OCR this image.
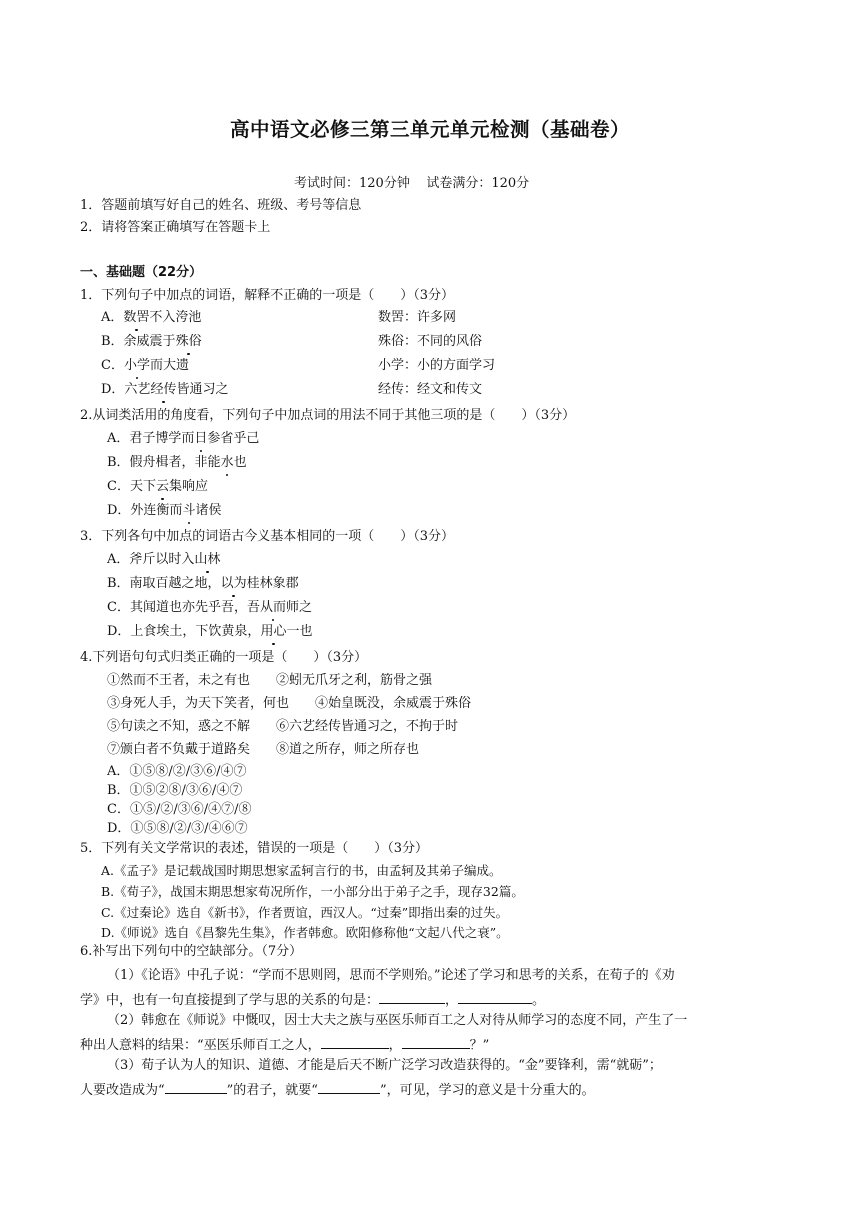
高中语文必修三第三单元单元检测（基础卷）
考试时间：120分钟    试卷满分：120分
1．答题前填写好自己的姓名、班级、考号等信息
2．请将答案正确填写在答题卡上
一、基础题（22分）
1．下列句子中加点的词语，解释不正确的一项是（　　）（3分）
A．数罟不入洿池	数罟：许多网
B．余威震于殊俗	殊俗：不同的风俗
C．小学而大遗	小学：小的方面学习
D．六艺经传皆通习之	经传：经文和传文
2.从词类活用的角度看，下列句子中加点词的用法不同于其他三项的是（　　）（3分）
A．君子博学而日参省乎己
B．假舟楫者，非能水也
C．天下云集响应
D．外连衡而斗诸侯
3．下列各句中加点的词语古今义基本相同的一项（　　）（3分）
A．斧斤以时入山林
B．南取百越之地，以为桂林象郡
C．其闻道也亦先乎吾，吾从而师之
D．上食埃土，下饮黄泉，用心一也
4.下列语句句式归类正确的一项是（　　）（3分）
①然而不王者，未之有也　　②蚓无爪牙之利，筋骨之强
③身死人手，为天下笑者，何也　　④始皇既没，余威震于殊俗
⑤句读之不知，惑之不解　　⑥六艺经传皆通习之，不拘于时
⑦颁白者不负戴于道路矣　　⑧道之所存，师之所存也
A．①⑤⑧/②/③⑥/④⑦
B．①⑤②⑧/③⑥/④⑦
C．①⑤/②/③⑥/④⑦/⑧
D．①⑤⑧/②/③/④⑥⑦
5．下列有关文学常识的表述，错误的一项是（　　）（3分）
A.《孟子》是记载战国时期思想家孟轲言行的书，由孟轲及其弟子编成。
B.《荀子》，战国末期思想家荀况所作，一小部分出于弟子之手，现存32篇。
C.《过秦论》选自《新书》，作者贾谊，西汉人。“过秦”即指出秦的过失。
D.《师说》选自《昌黎先生集》，作者韩愈。欧阳修称他“文起八代之衰”。
6.补写出下列句中的空缺部分。（7分）
（1）《论语》中孔子说：“学而不思则罔，思而不学则殆。”论述了学习和思考的关系，在荀子的《劝
学》中，也有一句直接提到了学与思的关系的句是：	，	。
（2）韩愈在《师说》中慨叹，因士大夫之族与巫医乐师百工之人对待从师学习的态度不同，产生了一
种出人意料的结果：“巫医乐师百工之人，	，	？”
（3）荀子认为人的知识、道德、才能是后天不断广泛学习改造获得的。“金”要锋利，需“就砺”；
人要改造成为“	”的君子，就要“	”，可见，学习的意义是十分重大的。
